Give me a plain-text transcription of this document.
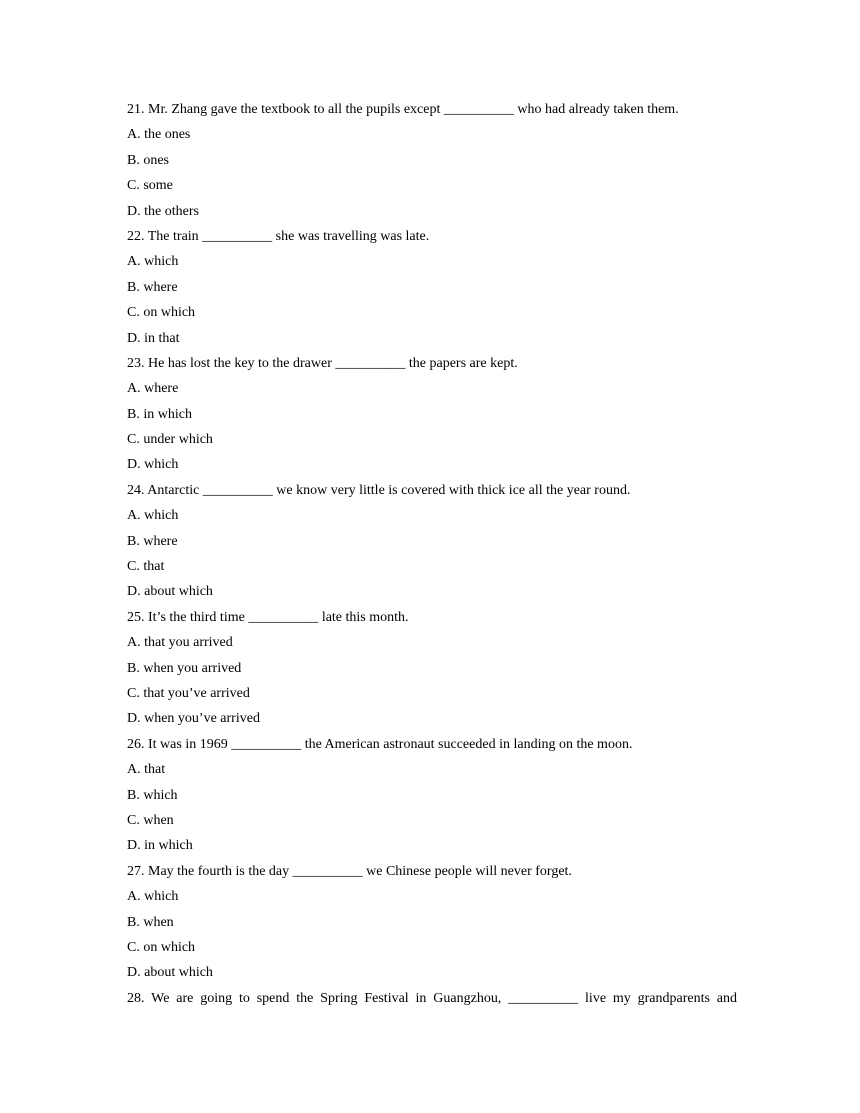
21. Mr. Zhang gave the textbook to all the pupils except __________ who had already taken them.
A. the ones
B. ones
C. some
D. the others
22. The train __________ she was travelling was late.
A. which
B. where
C. on which
D. in that
23. He has lost the key to the drawer __________ the papers are kept.
A. where
B. in which
C. under which
D. which
24. Antarctic __________ we know very little is covered with thick ice all the year round.
A. which
B. where
C. that
D. about which
25. It’s the third time __________ late this month.
A. that you arrived
B. when you arrived
C. that you’ve arrived
D. when you’ve arrived
26. It was in 1969 __________ the American astronaut succeeded in landing on the moon.
A. that
B. which
C. when
D. in which
27. May the fourth is the day __________ we Chinese people will never forget.
A. which
B. when
C. on which
D. about which
28. We are going to spend the Spring Festival in Guangzhou, __________ live my grandparents and
